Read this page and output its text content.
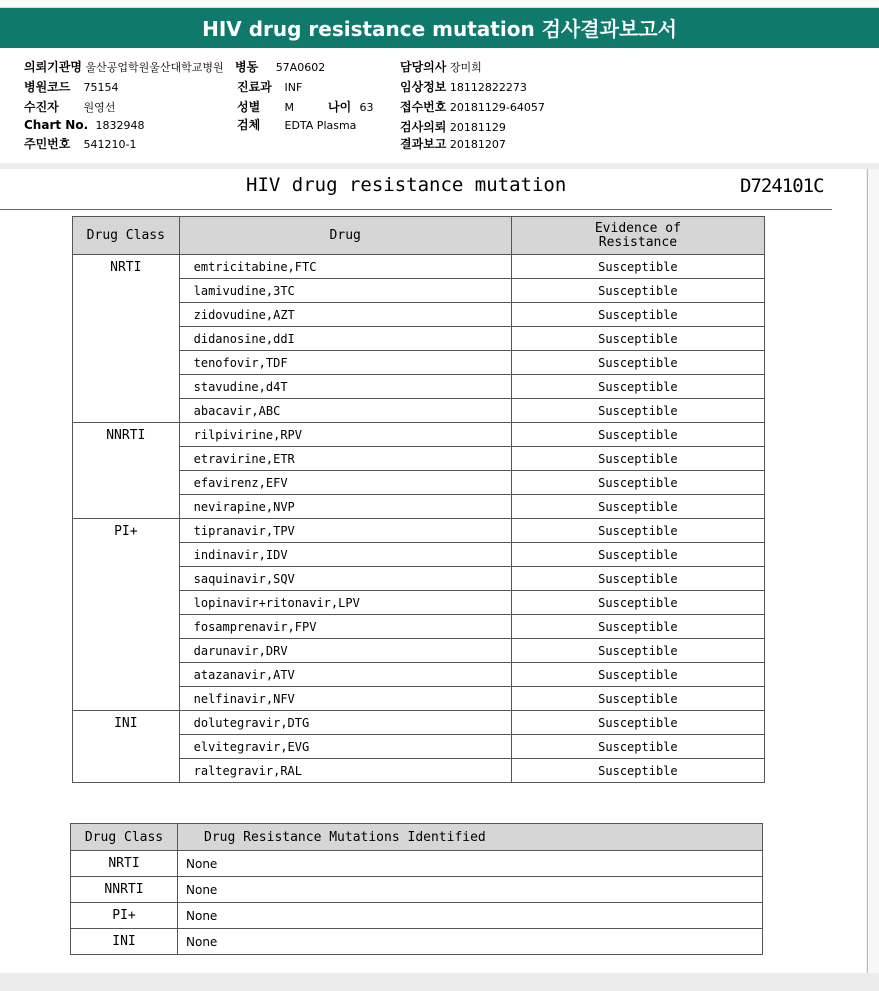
HIV drug resistance mutation 검사결과보고서
의뢰기관명 울산공업학원울산대학교병원 병동 57A0602	담당의사 장미희
병원코드 75154	진료과 INF	임상정보 18112822273
수진자 원영선	성별 M	나이 63 접수번호 20181129-64057
Chart No. 1832948	검체 EDTA Plasma	검사의뢰 20181129
주민번호 541210-1	결과보고 20181207
HIV drug resistance mutation	D724101C
Drug Class	Drug	Evidence of Resistance
NRTI	emtricitabine,FTC	Susceptible
	lamivudine,3TC	Susceptible
	zidovudine,AZT	Susceptible
	didanosine,ddI	Susceptible
	tenofovir,TDF	Susceptible
	stavudine,d4T	Susceptible
	abacavir,ABC	Susceptible
NNRTI	rilpivirine,RPV	Susceptible
	etravirine,ETR	Susceptible
	efavirenz,EFV	Susceptible
	nevirapine,NVP	Susceptible
PI+	tipranavir,TPV	Susceptible
	indinavir,IDV	Susceptible
	saquinavir,SQV	Susceptible
	lopinavir+ritonavir,LPV	Susceptible
	fosamprenavir,FPV	Susceptible
	darunavir,DRV	Susceptible
	atazanavir,ATV	Susceptible
	nelfinavir,NFV	Susceptible
INI	dolutegravir,DTG	Susceptible
	elvitegravir,EVG	Susceptible
	raltegravir,RAL	Susceptible
Drug Class	Drug Resistance Mutations Identified
NRTI	None
NNRTI	None
PI+	None
INI	None
